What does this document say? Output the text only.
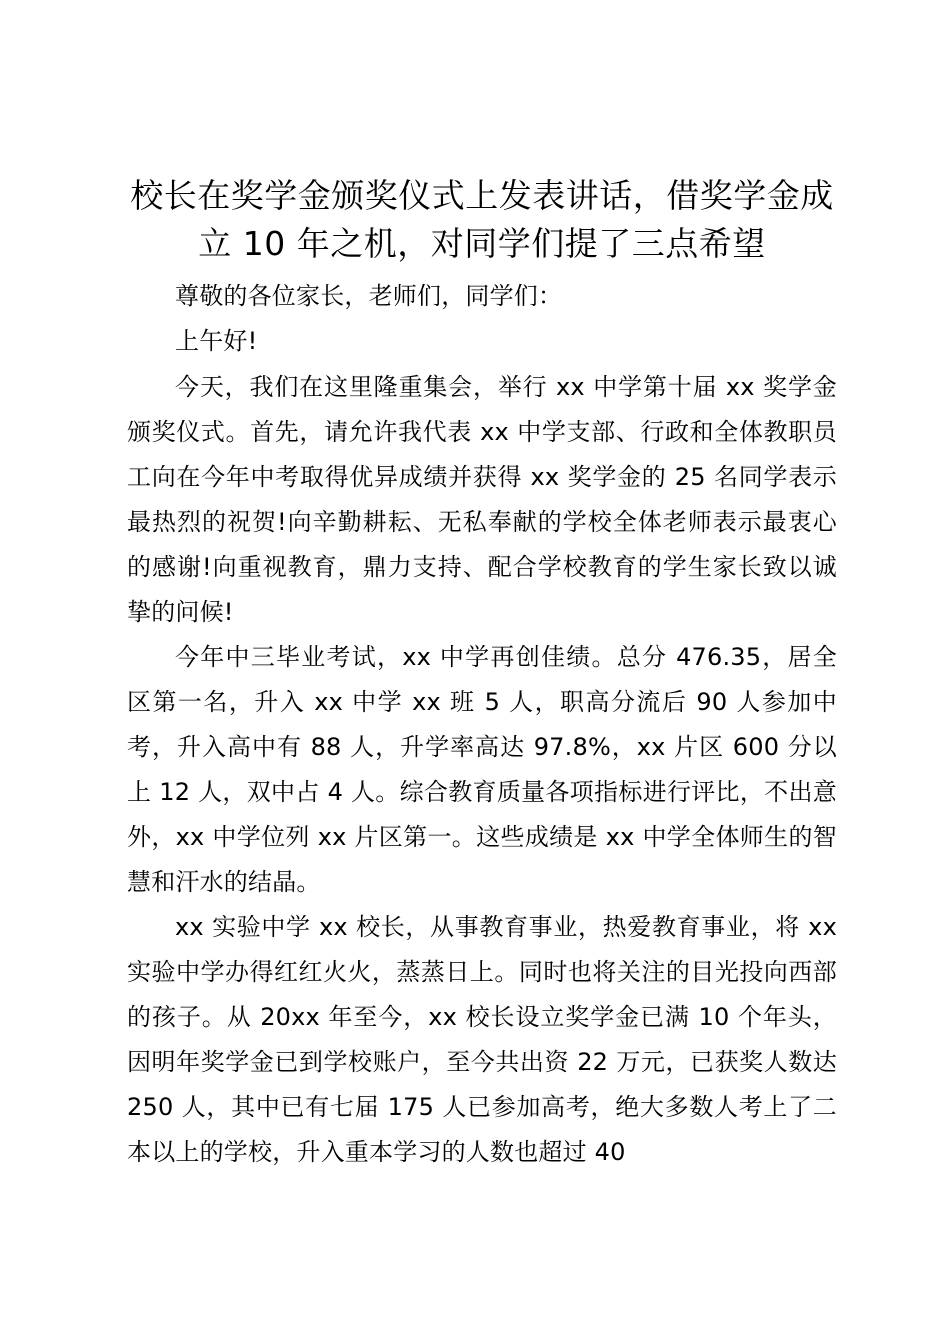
校长在奖学金颁奖仪式上发表讲话，借奖学金成立 10 年之机，对同学们提了三点希望

尊敬的各位家长，老师们，同学们：

上午好!

今天，我们在这里隆重集会，举行 xx 中学第十届 xx 奖学金颁奖仪式。首先，请允许我代表 xx 中学支部、行政和全体教职员工向在今年中考取得优异成绩并获得 xx 奖学金的 25 名同学表示最热烈的祝贺!向辛勤耕耘、无私奉献的学校全体老师表示最衷心的感谢!向重视教育，鼎力支持、配合学校教育的学生家长致以诚挚的问候!

今年中三毕业考试，xx 中学再创佳绩。总分 476.35，居全区第一名，升入 xx 中学 xx 班 5 人，职高分流后 90 人参加中考，升入高中有 88 人，升学率高达 97.8%，xx 片区 600 分以上 12 人，双中占 4 人。综合教育质量各项指标进行评比，不出意外，xx 中学位列 xx 片区第一。这些成绩是 xx 中学全体师生的智慧和汗水的结晶。

xx 实验中学 xx 校长，从事教育事业，热爱教育事业，将 xx 实验中学办得红红火火，蒸蒸日上。同时也将关注的目光投向西部的孩子。从 20xx 年至今，xx 校长设立奖学金已满 10 个年头，因明年奖学金已到学校账户，至今共出资 22 万元，已获奖人数达 250 人，其中已有七届 175 人已参加高考，绝大多数人考上了二本以上的学校，升入重本学习的人数也超过 40
